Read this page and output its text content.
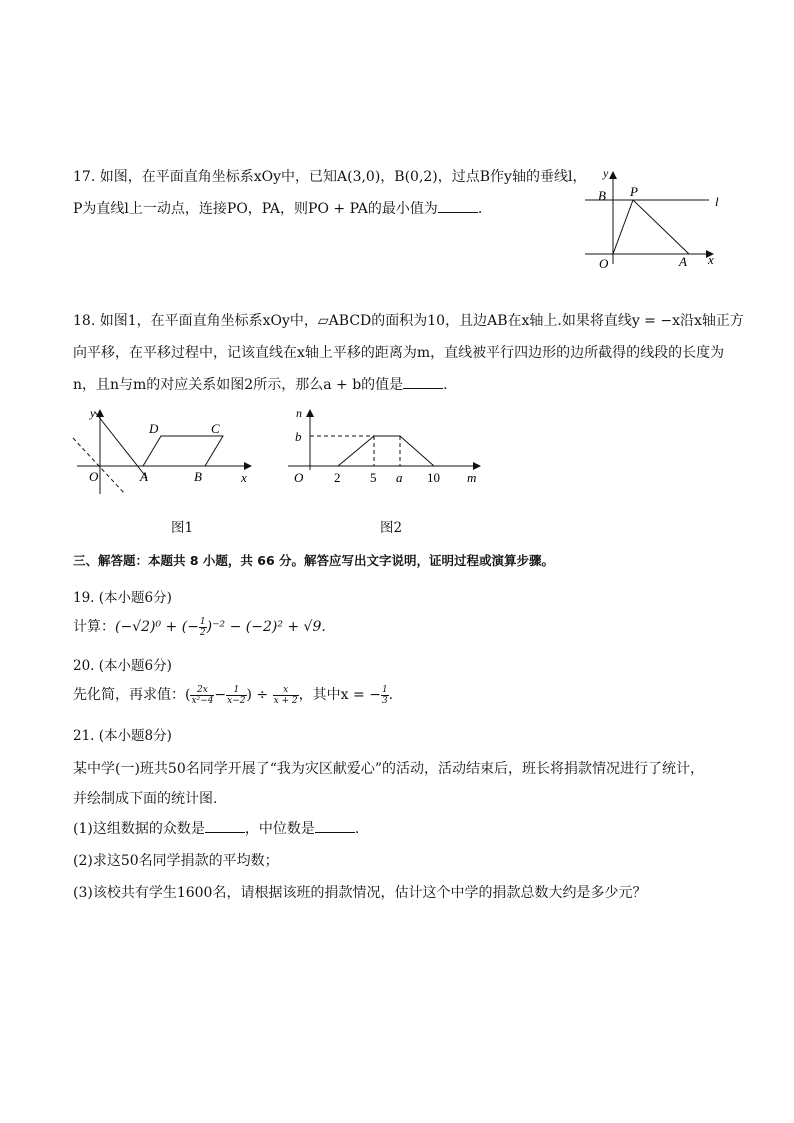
17. 如图，在平面直角坐标系xOy中，已知A(3,0)，B(0,2)，过点B作y轴的垂线l，
P为直线l上一动点，连接PO，PA，则PO + PA的最小值为	.
y
B P
l
O	A x
18. 如图1，在平面直角坐标系xOy中，▱ABCD的面积为10，且边AB在x轴上.如果将直线y = −x沿x轴正方
向平移，在平移过程中，记该直线在x轴上平移的距离为m，直线被平行四边形的边所截得的线段的长度为
n，且n与m的对应关系如图2所示，那么a + b的值是	.
y
O	A	B
C
D
x
图1
n
b
O 2 5 a 10 m
图2
三、解答题：本题共 8 小题，共 66 分。解答应写出文字说明，证明过程或演算步骤。
19. (本小题6分)
计算：(−√2)⁰ + (− $\frac{1}{2} )^{-2} - (-2)^2 + √9$.
20. (本小题6分)
先化简，再求值：( $\frac{2x}{\text{x²−4}} - \frac{1}{x-2}$ ) ÷ $\frac{x}{x + 2}$ ，其中x = − $\frac{1}{3}$ .
21. (本小题8分)
某中学(一)班共50名同学开展了“我为灾区献爱心”的活动，活动结束后，班长将捐款情况进行了统计，
并绘制成下面的统计图.
(1)这组数据的众数是	，中位数是	.
(2)求这50名同学捐款的平均数；
(3)该校共有学生1600名，请根据该班的捐款情况，估计这个中学的捐款总数大约是多少元？
